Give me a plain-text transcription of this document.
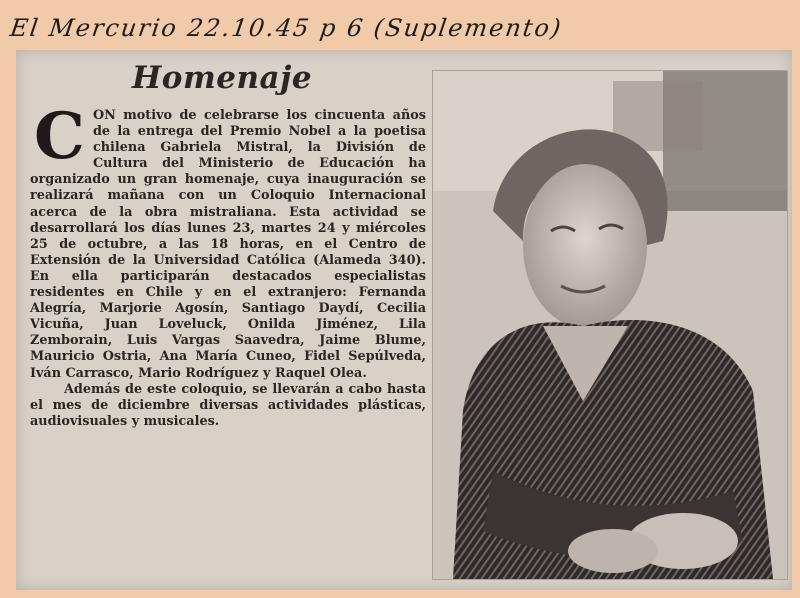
El Mercurio 22.10.45 p 6 (Suplemento)
Homenaje
C ON motivo de celebrarse los cincuenta años de la entrega del Premio Nobel a la poetisa chilena Gabriela Mistral, la División de Cultura del Ministerio de Educación ha organizado un gran homenaje, cuya inauguración se realizará mañana con un Coloquio Internacional acerca de la obra mistraliana. Esta actividad se desarrollará los días lunes 23, martes 24 y miércoles 25 de octubre, a las 18 horas, en el Centro de Extensión de la Universidad Católica (Alameda 340). En ella participarán destacados especialistas residentes en Chile y en el extranjero: Fernanda Alegría, Marjorie Agosín, Santiago Daydí, Cecilia Vicuña, Juan Loveluck, Onilda Jiménez, Lila Zemborain, Luis Vargas Saavedra, Jaime Blume, Mauricio Ostria, Ana María Cuneo, Fidel Sepúlveda, Iván Carrasco, Mario Rodríguez y Raquel Olea.

Además de este coloquio, se llevarán a cabo hasta el mes de diciembre diversas actividades plásticas, audiovisuales y musicales.
